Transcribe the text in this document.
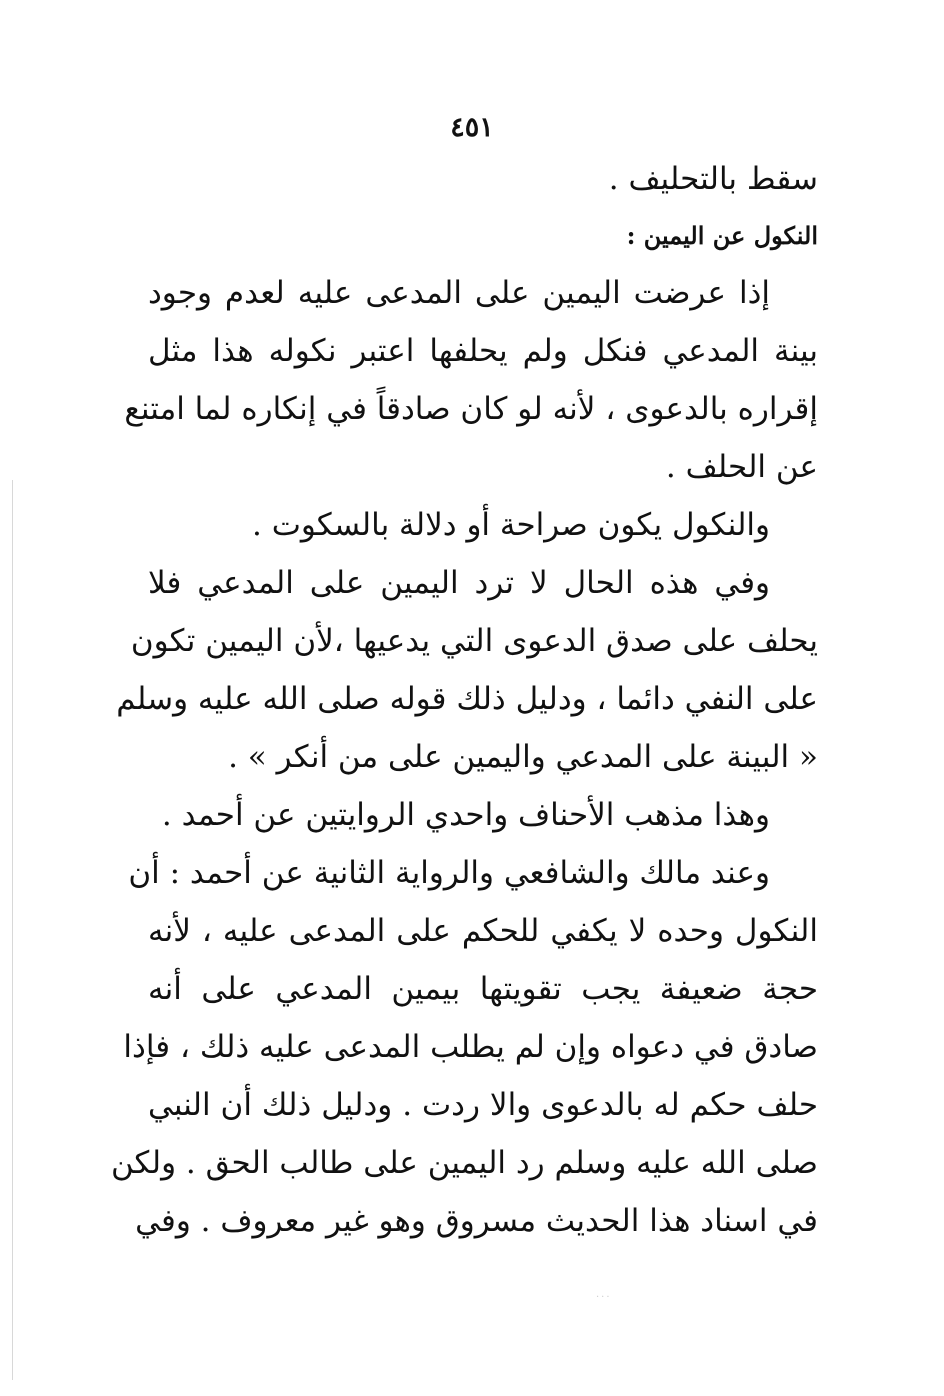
٤٥١
سقط بالتحليف .
النكول عن اليمين :
إذا عرضت اليمين على المدعى عليه لعدم وجود
بينة المدعي فنكل ولم يحلفها اعتبر نكوله هذا مثل
إقراره بالدعوى ، لأنه لو كان صادقاً في إنكاره لما امتنع
عن الحلف .
والنكول يكون صراحة أو دلالة بالسكوت .
وفي هذه الحال لا ترد اليمين على المدعي فلا
يحلف على صدق الدعوى التي يدعيها ،لأن اليمين تكون
على النفي دائما ، ودليل ذلك قوله صلى الله عليه وسلم
« البينة على المدعي واليمين على من أنكر » .
وهذا مذهب الأحناف واحدي الروايتين عن أحمد .
وعند مالك والشافعي والرواية الثانية عن أحمد : أن
النكول وحده لا يكفي للحكم على المدعى عليه ، لأنه
حجة ضعيفة يجب تقويتها بيمين المدعي على أنه
صادق في دعواه وإن لم يطلب المدعى عليه ذلك ، فإذا
حلف حكم له بالدعوى والا ردت . ودليل ذلك أن النبي
صلى الله عليه وسلم رد اليمين على طالب الحق . ولكن
في اسناد هذا الحديث مسروق وهو غير معروف . وفي
···
